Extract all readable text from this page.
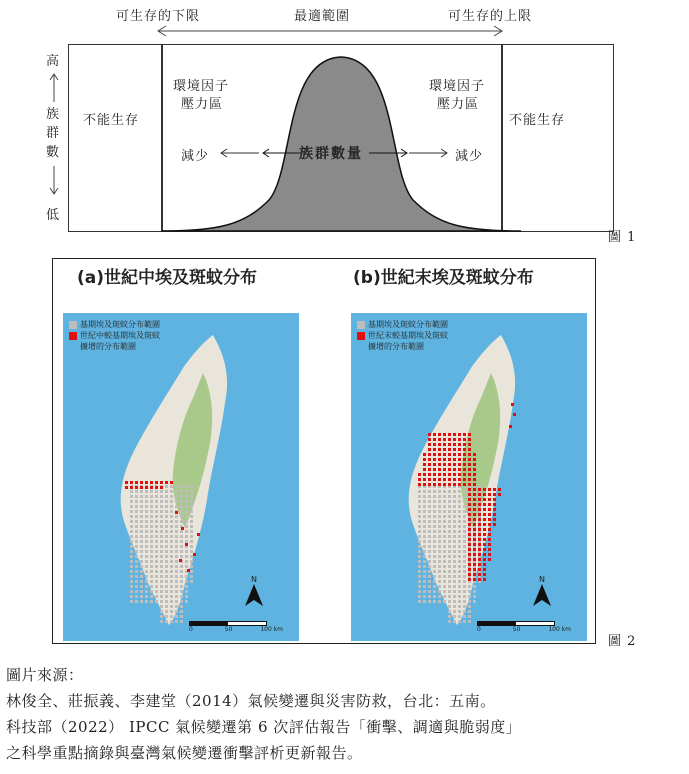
可生存的下限	最適範圍	可生存的上限
高
族群數
低
不能生存
環境因子
壓力區
減少	族群數量
環境因子
壓力區
減少
不能生存
圖 1
(a)世紀中埃及斑蚊分布
基期埃及斑蚊分布範圍
世紀中較基期埃及斑蚊
擴增的分布範圍
N
0	50	100 km
(b)世紀末埃及斑蚊分布
基期埃及斑蚊分布範圍
世紀末較基期埃及斑蚊
擴增的分布範圍
N
0	50	100 km
圖 2
圖片來源：
林俊全、莊振義、李建堂（2014）氣候變遷與災害防救，台北：五南。
科技部（2022） IPCC 氣候變遷第 6 次評估報告「衝擊、調適與脆弱度」
之科學重點摘錄與臺灣氣候變遷衝擊評析更新報告。
